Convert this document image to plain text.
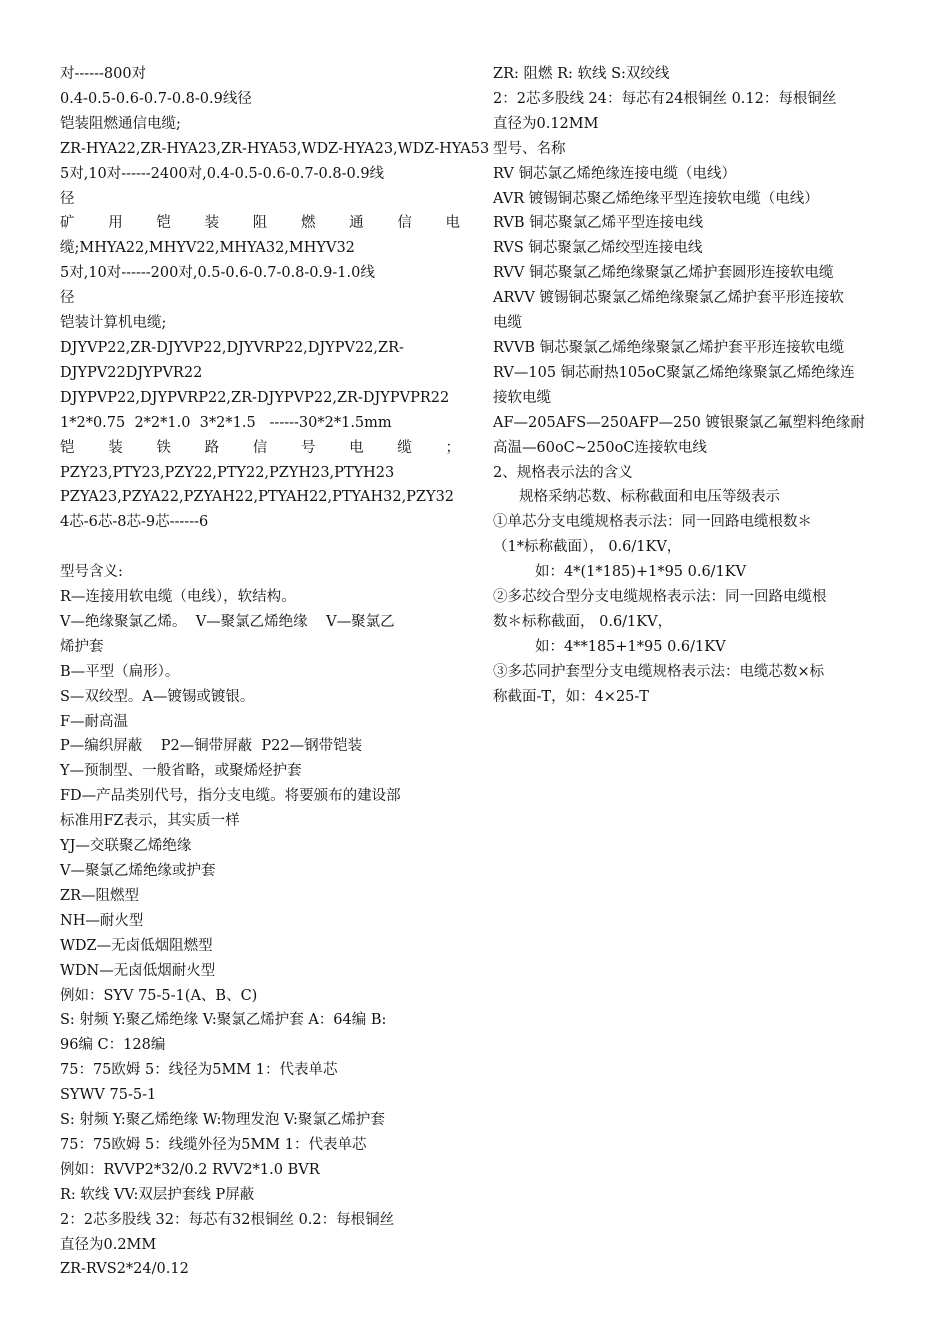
对------800对
0.4-0.5-0.6-0.7-0.8-0.9线径
铠装阻燃通信电缆;
ZR-HYA22,ZR-HYA23,ZR-HYA53,WDZ-HYA23,WDZ-HYA53
5对,10对------2400对,0.4-0.5-0.6-0.7-0.8-0.9线
径
矿 用 铠 装 阻 燃 通 信 电
缆;MHYA22,MHYV22,MHYA32,MHYV32
5对,10对------200对,0.5-0.6-0.7-0.8-0.9-1.0线
径
铠装计算机电缆;
DJYVP22,ZR-DJYVP22,DJYVRP22,DJYPV22,ZR-
DJYPV22DJYPVR22
DJYPVP22,DJYPVRP22,ZR-DJYPVP22,ZR-DJYPVPR22
1*2*0.75  2*2*1.0  3*2*1.5   ------30*2*1.5mm
铠 装 铁 路 信 号 电 缆 ；
PZY23,PTY23,PZY22,PTY22,PZYH23,PTYH23
PZYA23,PZYA22,PZYAH22,PTYAH22,PTYAH32,PZY32
4芯-6芯-8芯-9芯------6
型号含义:
R—连接用软电缆（电线），软结构。
V—绝缘聚氯乙烯。  V—聚氯乙烯绝缘    V—聚氯乙
烯护套
B—平型（扁形）。
S—双绞型。A—镀锡或镀银。
F—耐高温
P—编织屏蔽    P2—铜带屏蔽  P22—钢带铠装
Y—预制型、一般省略，或聚烯烃护套
FD—产品类别代号，指分支电缆。将要颁布的建设部
标准用FZ表示，其实质一样
YJ—交联聚乙烯绝缘
V—聚氯乙烯绝缘或护套
ZR—阻燃型
NH—耐火型
WDZ—无卤低烟阻燃型
WDN—无卤低烟耐火型
例如：SYV 75-5-1(A、B、C)
S: 射频 Y:聚乙烯绝缘 V:聚氯乙烯护套 A：64编 B:
96编 C：128编
75：75欧姆 5：线径为5MM 1：代表单芯
SYWV 75-5-1
S: 射频 Y:聚乙烯绝缘 W:物理发泡 V:聚氯乙烯护套
75：75欧姆 5：线缆外径为5MM 1：代表单芯
例如：RVVP2*32/0.2 RVV2*1.0 BVR
R: 软线 VV:双层护套线 P屏蔽
2：2芯多股线 32：每芯有32根铜丝 0.2：每根铜丝
直径为0.2MM
ZR-RVS2*24/0.12
ZR: 阻燃 R: 软线 S:双绞线
2：2芯多股线 24：每芯有24根铜丝 0.12：每根铜丝
直径为0.12MM
型号、名称
RV 铜芯氯乙烯绝缘连接电缆（电线）
AVR 镀锡铜芯聚乙烯绝缘平型连接软电缆（电线）
RVB 铜芯聚氯乙烯平型连接电线
RVS 铜芯聚氯乙烯绞型连接电线
RVV 铜芯聚氯乙烯绝缘聚氯乙烯护套圆形连接软电缆
ARVV 镀锡铜芯聚氯乙烯绝缘聚氯乙烯护套平形连接软
电缆
RVVB 铜芯聚氯乙烯绝缘聚氯乙烯护套平形连接软电缆
RV—105 铜芯耐热105oC聚氯乙烯绝缘聚氯乙烯绝缘连
接软电缆
AF—205AFS—250AFP—250 镀银聚氯乙氟塑料绝缘耐
高温—60oC~250oC连接软电线
2、规格表示法的含义
规格采纳芯数、标称截面和电压等级表示
①单芯分支电缆规格表示法：同一回路电缆根数＊
（1*标称截面）， 0.6/1KV，
如：4*(1*185)+1*95 0.6/1KV
②多芯绞合型分支电缆规格表示法：同一回路电缆根
数＊标称截面， 0.6/1KV，
如：4**185+1*95 0.6/1KV
③多芯同护套型分支电缆规格表示法：电缆芯数×标
称截面-T，如：4×25-T
